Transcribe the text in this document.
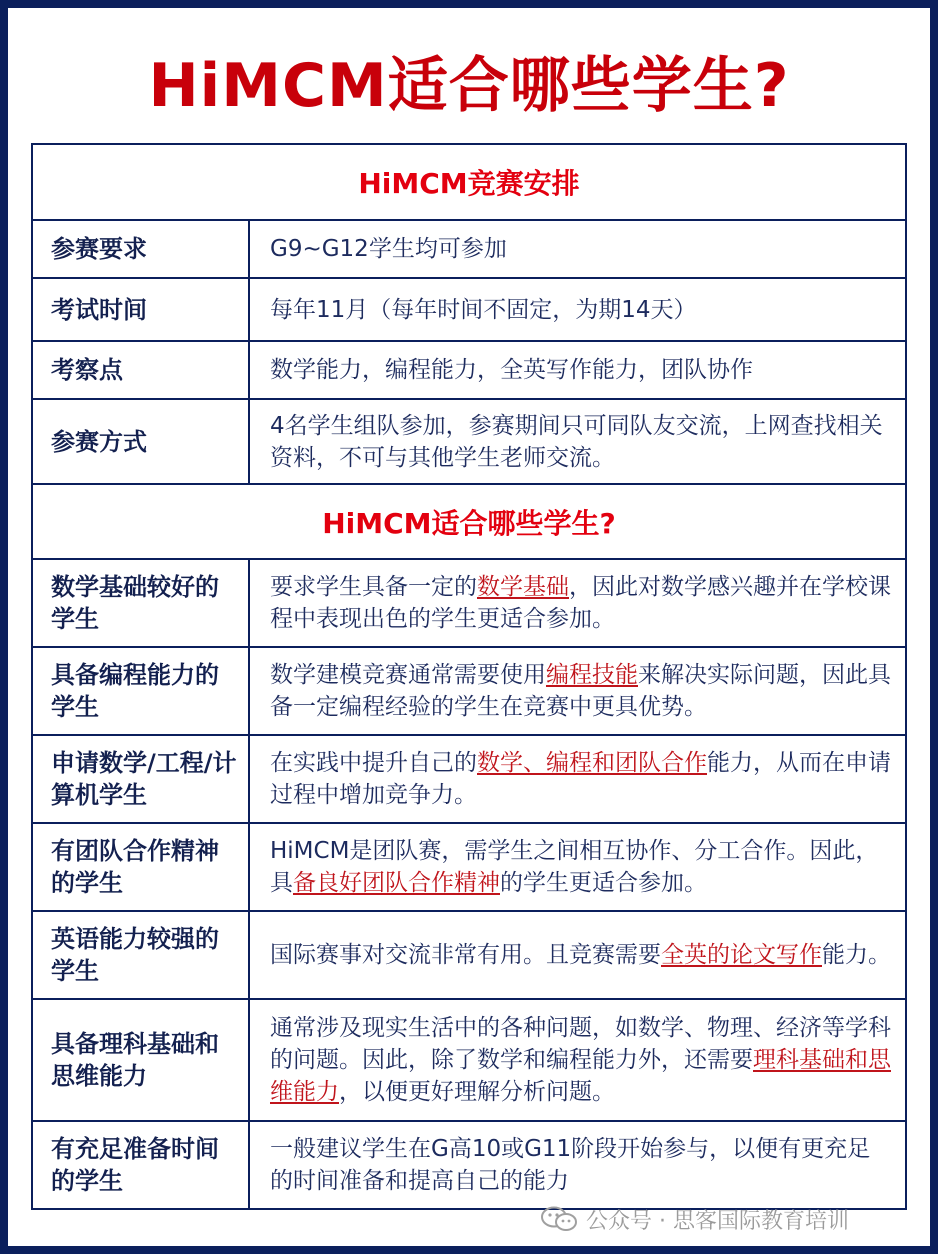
HiMCM适合哪些学生?
HiMCM竞赛安排	
参赛要求	G9~G12学生均可参加
考试时间	每年11月（每年时间不固定，为期14天）
考察点	数学能力，编程能力，全英写作能力，团队协作
参赛方式	4名学生组队参加，参赛期间只可同队友交流，上网查找相关资料，不可与其他学生老师交流。
HiMCM适合哪些学生?	
数学基础较好的学生	要求学生具备一定的数学基础，因此对数学感兴趣并在学校课程中表现出色的学生更适合参加。
具备编程能力的学生	数学建模竞赛通常需要使用编程技能来解决实际问题，因此具备一定编程经验的学生在竞赛中更具优势。
申请数学/工程/计算机学生	在实践中提升自己的数学、编程和团队合作能力，从而在申请过程中增加竞争力。
有团队合作精神的学生	HiMCM是团队赛，需学生之间相互协作、分工合作。因此，具备良好团队合作精神的学生更适合参加。
英语能力较强的学生	国际赛事对交流非常有用。且竞赛需要全英的论文写作能力。
具备理科基础和思维能力	通常涉及现实生活中的各种问题，如数学、物理、经济等学科的问题。因此，除了数学和编程能力外，还需要理科基础和思维能力，以便更好理解分析问题。
有充足准备时间的学生	一般建议学生在G高10或G11阶段开始参与，以便有更充足的时间准备和提高自己的能力
公众号 · 思客国际教育培训
